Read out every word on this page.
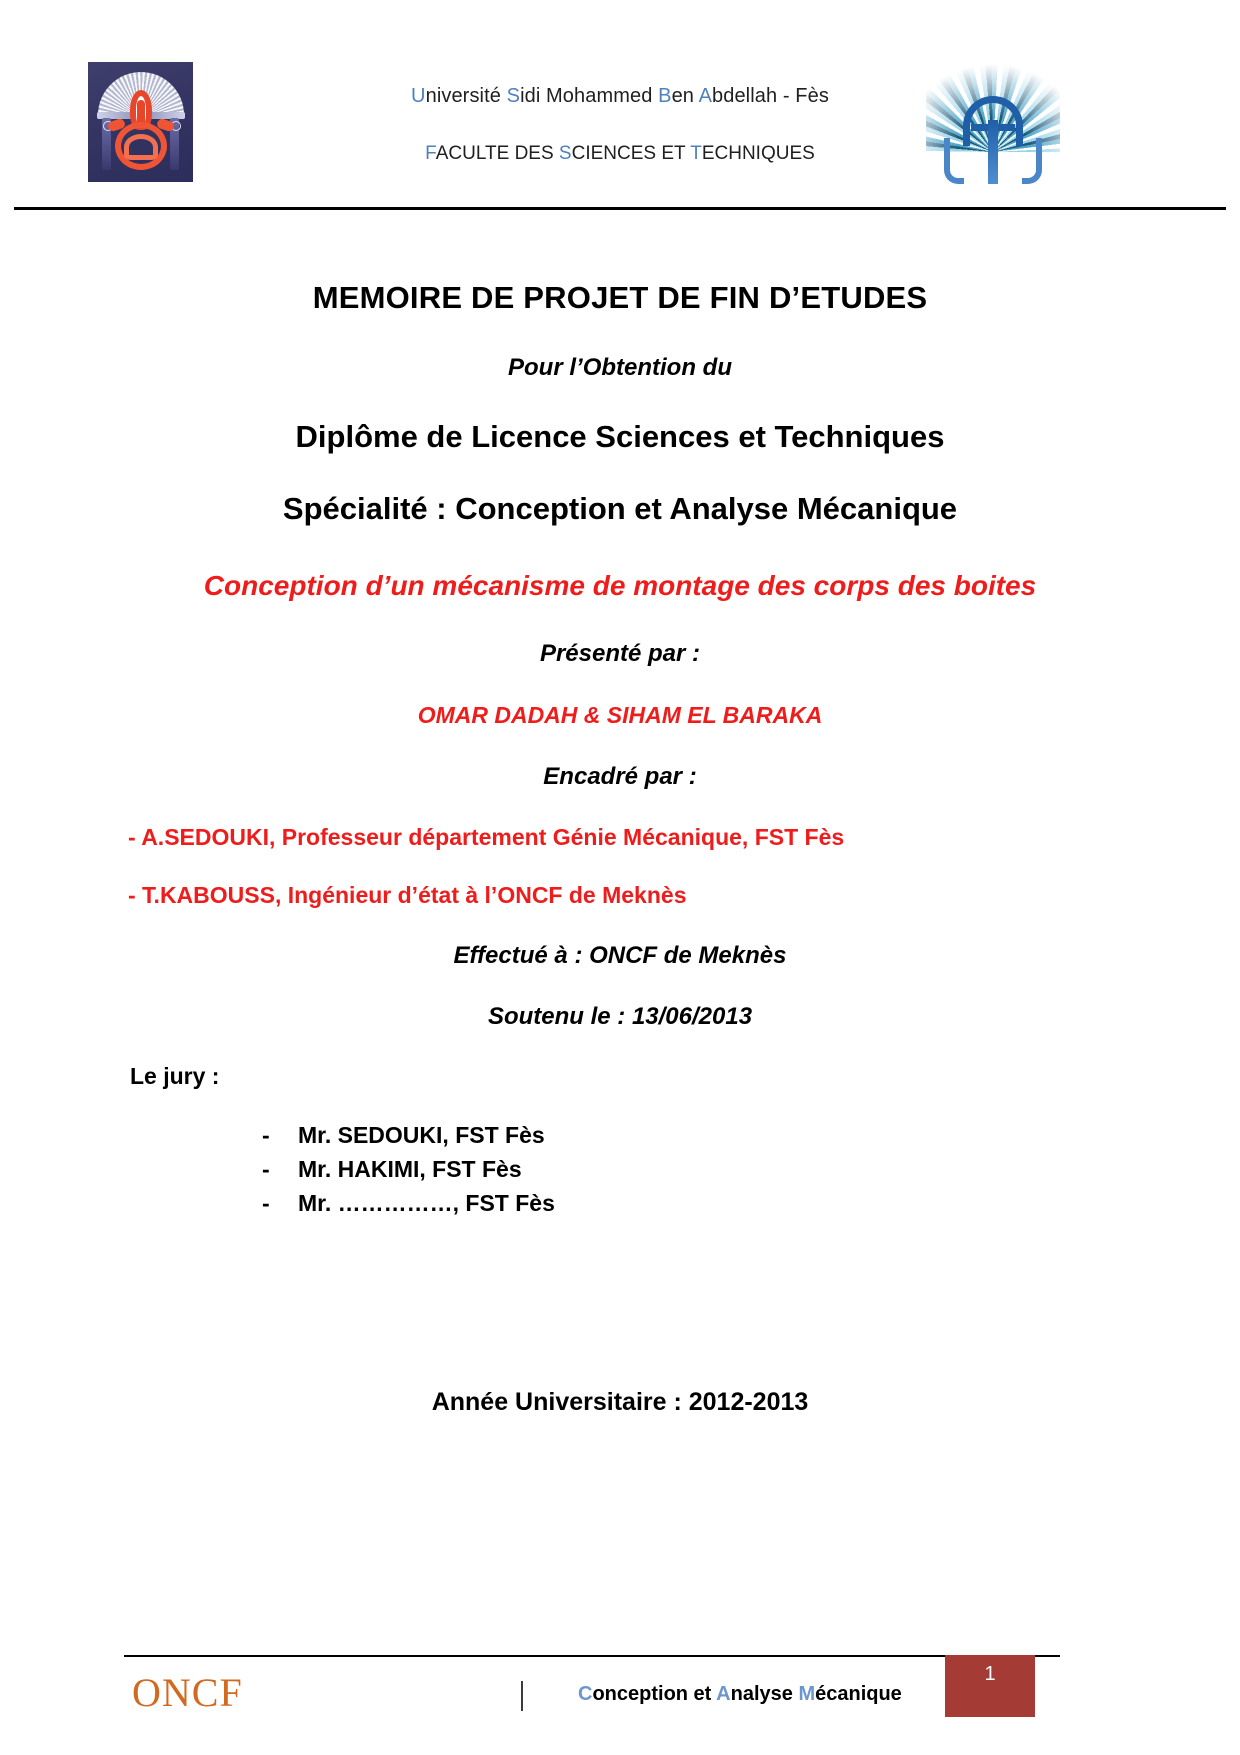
Université Sidi Mohammed Ben Abdellah - Fès
FACULTE DES SCIENCES ET TECHNIQUES
MEMOIRE DE PROJET DE FIN D’ETUDES
Pour l’Obtention du
Diplôme de Licence Sciences et Techniques
Spécialité : Conception et Analyse Mécanique
Conception d’un mécanisme de montage des corps des boites
Présenté par :
OMAR DADAH & SIHAM EL BARAKA
Encadré par :
- A.SEDOUKI, Professeur département Génie Mécanique, FST Fès
- T.KABOUSS, Ingénieur d’état à l’ONCF de Meknès
Effectué à : ONCF de Meknès
Soutenu le : 13/06/2013
Le jury :
- Mr. SEDOUKI, FST Fès
- Mr. HAKIMI, FST Fès
- Mr. ……………, FST Fès
Année Universitaire : 2012-2013
ONCF	Conception et Analyse Mécanique
1
